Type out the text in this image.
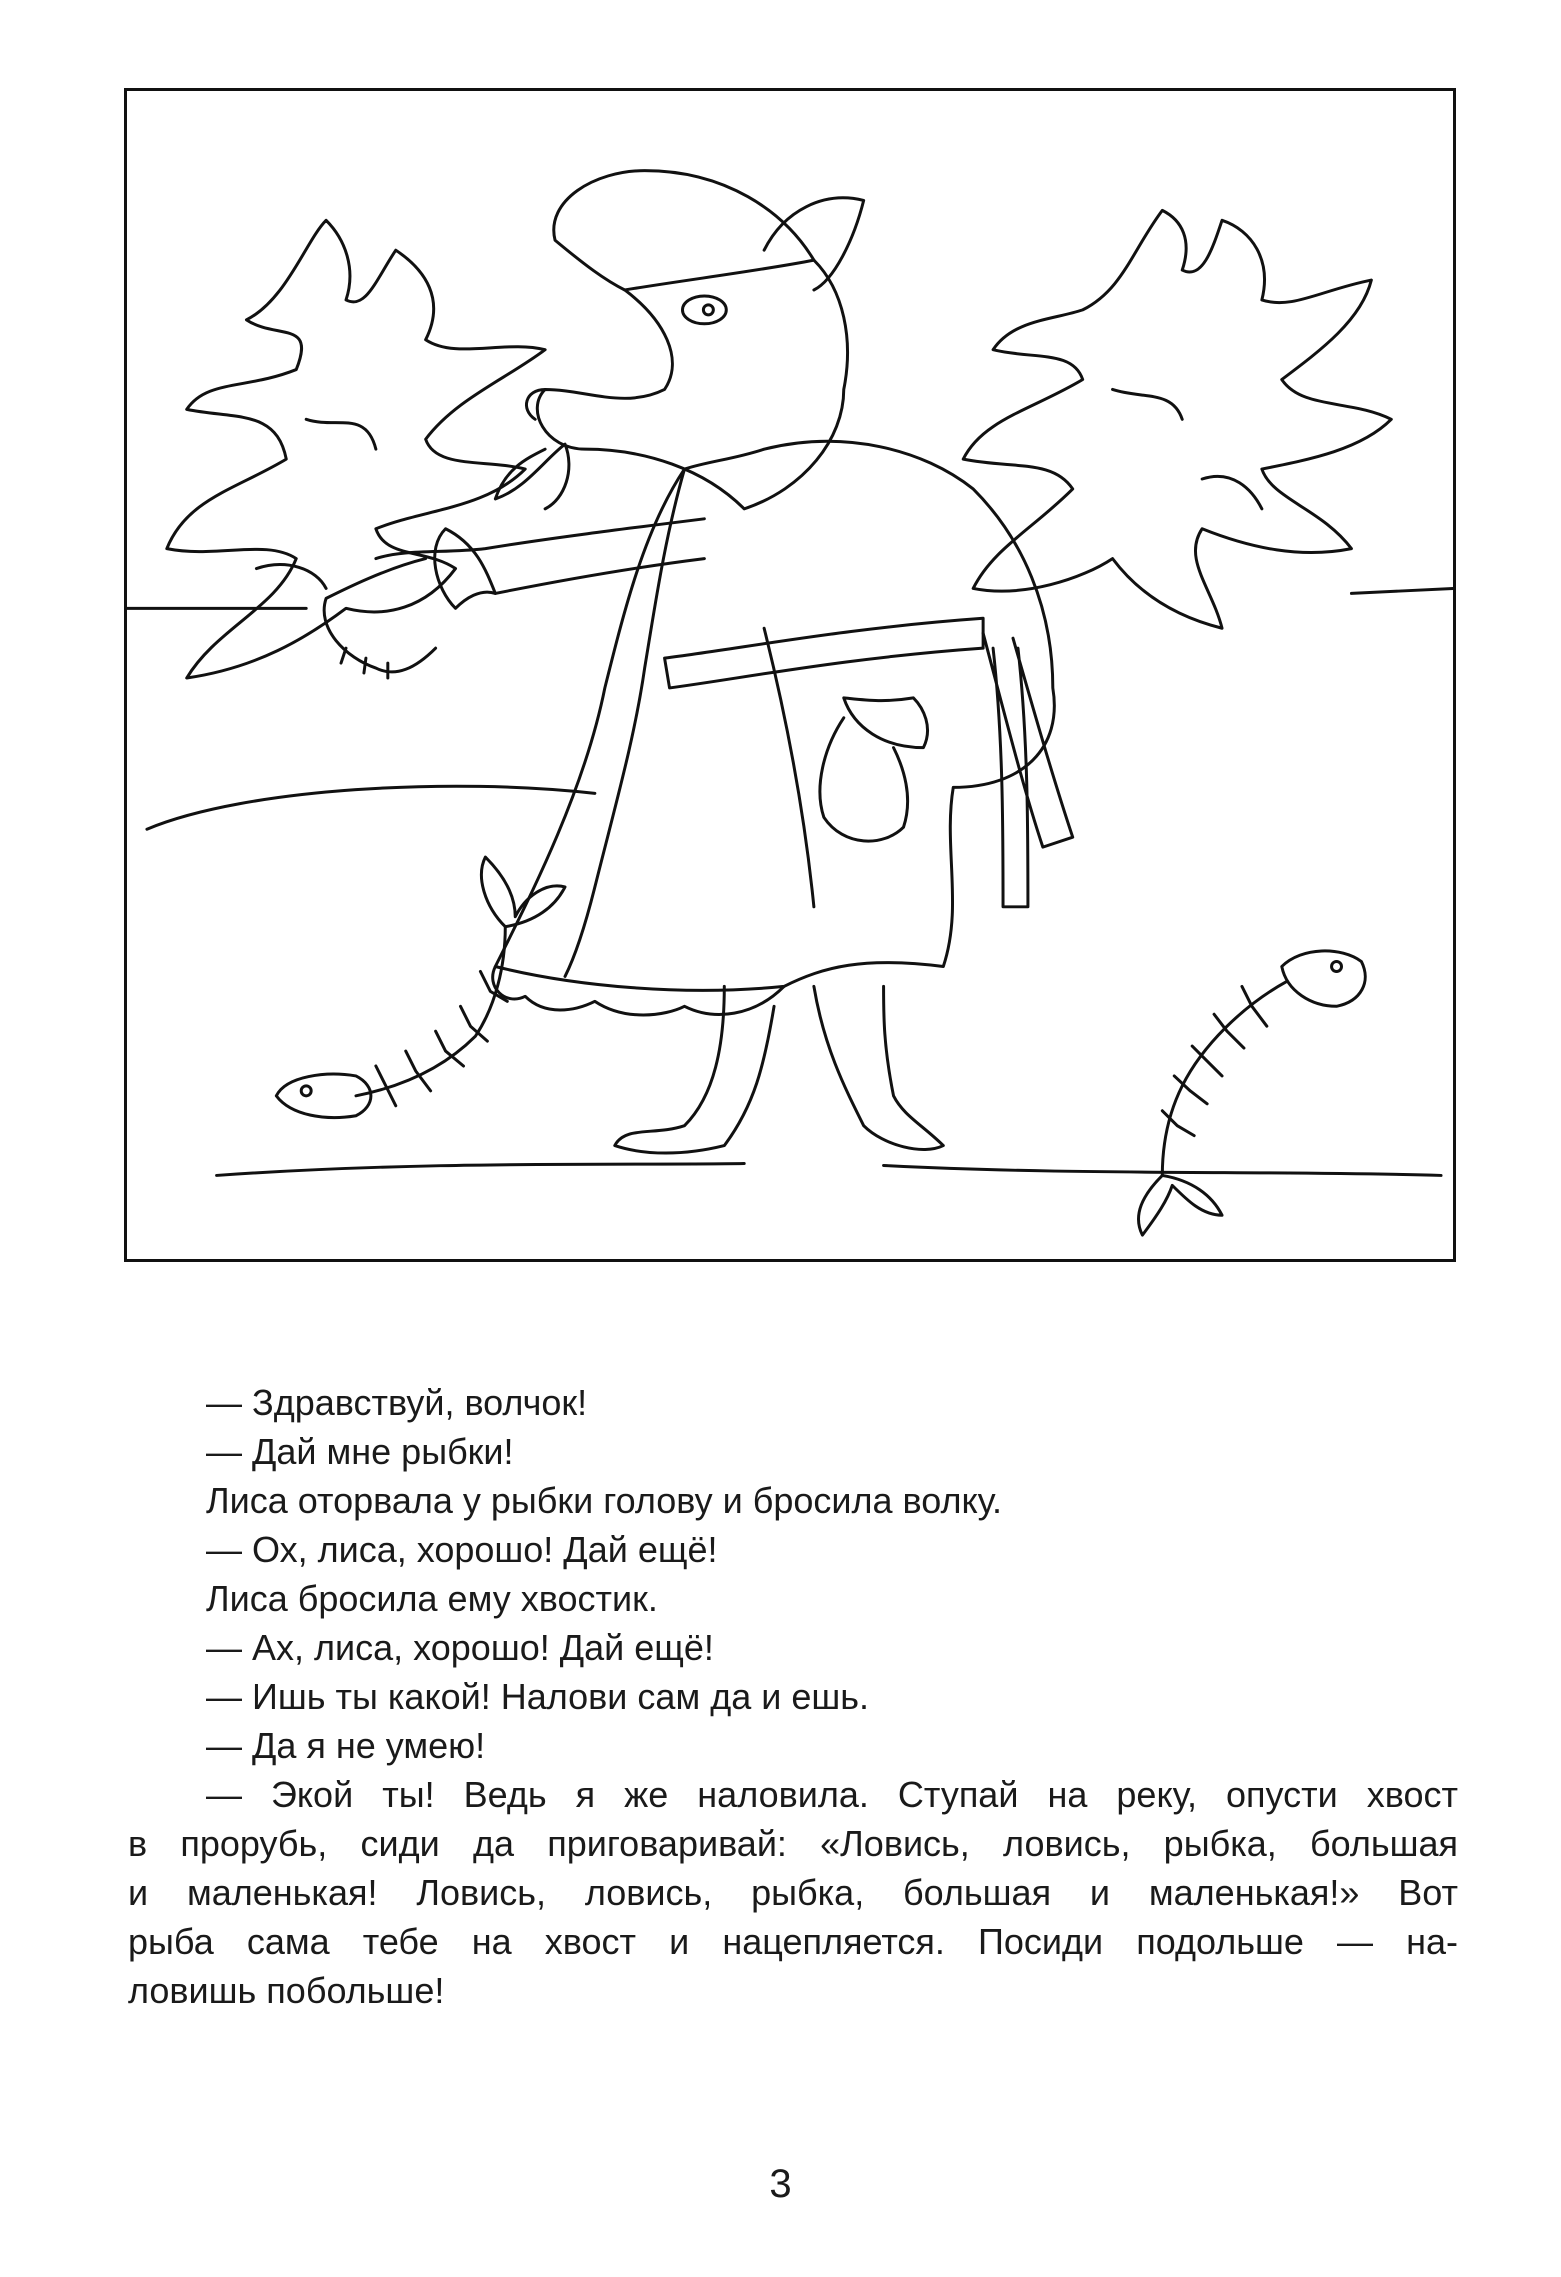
— Здравствуй, волчок!
— Дай мне рыбки!
Лиса оторвала у рыбки голову и бросила волку.
— Ох, лиса, хорошо! Дай ещё!
Лиса бросила ему хвостик.
— Ах, лиса, хорошо! Дай ещё!
— Ишь ты какой! Налови сам да и ешь.
— Да я не умею!
— Экой ты! Ведь я же наловила. Ступай на реку, опусти хвост
в прорубь, сиди да приговаривай: «Ловись, ловись, рыбка, большая
и маленькая! Ловись, ловись, рыбка, большая и маленькая!» Вот
рыба сама тебе на хвост и нацепляется. Посиди подольше — на-
ловишь побольше!
3
